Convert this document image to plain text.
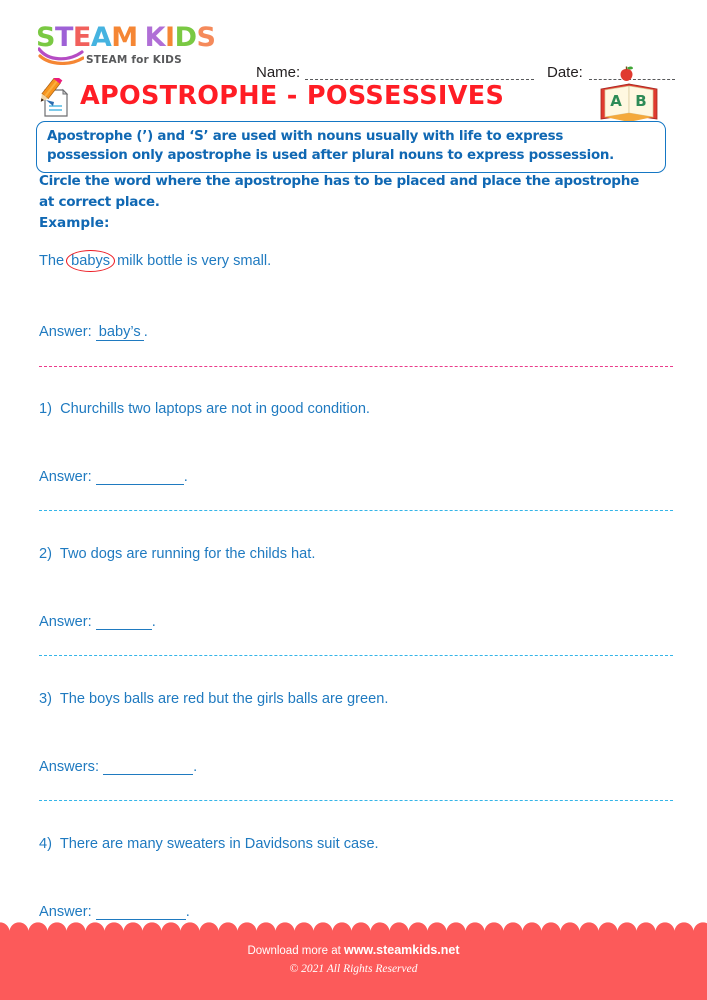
STEAM KIDS
STEAM for KIDS
Name:	Date:
APOSTROPHE - POSSESSIVES	A B

Apostrophe (’) and ‘S’ are used with nouns usually with life to express

possession only apostrophe is used after plural nouns to express possession.

Circle the word where the apostrophe has to be placed and place the apostrophe

at correct place.

Example:

The babys milk bottle is very small.
Answer: baby’s .
1) Churchills two laptops are not in good condition.
Answer:	.
2) Two dogs are running for the childs hat.
Answer:	.
3) The boys balls are red but the girls balls are green.
Answers:	.
4) There are many sweaters in Davidsons suit case.
Answer:	.
Download more at www.steamkids.net
© 2021 All Rights Reserved
